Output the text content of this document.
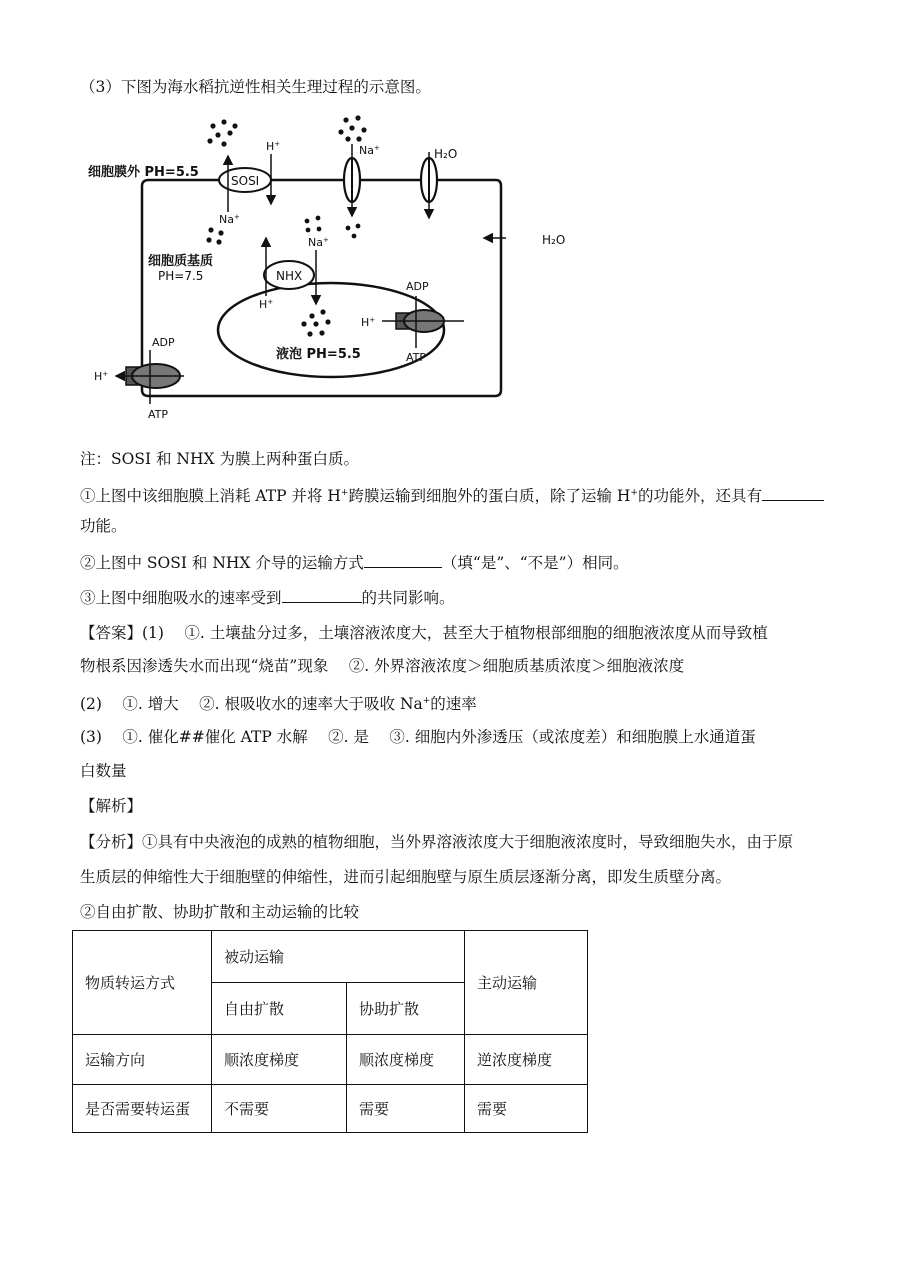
（3）下图为海水稻抗逆性相关生理过程的示意图。
细胞膜外 PH=5.5
SOSI
H+
Na+
Na+	H₂O
细胞质基质
PH=7.5	NHX
Na+
H+
液泡 PH=5.5
H+
ADP
ATP
H+
ADP
ATP
H₂O
注：SOSI 和 NHX 为膜上两种蛋白质。
①上图中该细胞膜上消耗 ATP 并将 H+跨膜运输到细胞外的蛋白质，除了运输 H+的功能外，还具有
功能。
②上图中 SOSI 和 NHX 介导的运输方式	（填“是”、“不是”）相同。
③上图中细胞吸水的速率受到	的共同影响。
【答案】(1)　 ①. 土壤盐分过多，土壤溶液浓度大，甚至大于植物根部细胞的细胞液浓度从而导致植
物根系因渗透失水而出现“烧苗”现象　 ②. 外界溶液浓度＞细胞质基质浓度＞细胞液浓度
(2)　 ①. 增大　 ②. 根吸收水的速率大于吸收 Na+的速率
(3)　 ①. 催化##催化 ATP 水解　 ②. 是　 ③. 细胞内外渗透压（或浓度差）和细胞膜上水通道蛋
白数量
【解析】
【分析】①具有中央液泡的成熟的植物细胞，当外界溶液浓度大于细胞液浓度时，导致细胞失水，由于原
生质层的伸缩性大于细胞壁的伸缩性，进而引起细胞壁与原生质层逐渐分离，即发生质壁分离。
②自由扩散、协助扩散和主动运输的比较
物质转运方式	被动运输		主动运输
	自由扩散	协助扩散	
运输方向	顺浓度梯度	顺浓度梯度	逆浓度梯度
是否需要转运蛋	不需要	需要	需要
